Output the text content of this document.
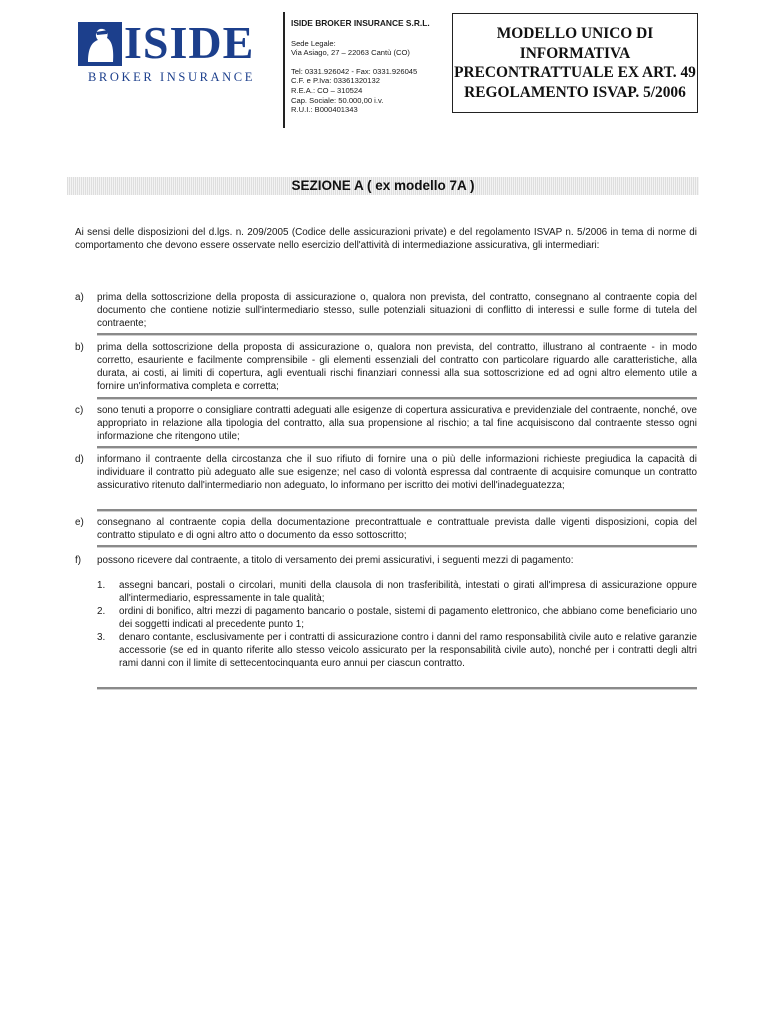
ISIDE
BROKER INSURANCE
ISIDE BROKER INSURANCE S.R.L.
Sede Legale:
Via Asiago, 27 – 22063 Cantù (CO)
Tel: 0331.926042 - Fax: 0331.926045
C.F. e P.Iva: 03361320132
R.E.A.: CO – 310524
Cap. Sociale: 50.000,00 i.v.
R.U.I.: B000401343
MODELLO UNICO DI
INFORMATIVA
PRECONTRATTUALE EX ART. 49
REGOLAMENTO ISVAP. 5/2006
SEZIONE A ( ex modello 7A )
Ai sensi delle disposizioni del d.lgs. n. 209/2005 (Codice delle assicurazioni private) e del regolamento ISVAP n. 5/2006 in tema di norme di comportamento che devono essere osservate nello esercizio dell'attività di intermediazione assicurativa, gli intermediari:
a)	prima della sottoscrizione della proposta di assicurazione o, qualora non prevista, del contratto, consegnano al contraente copia del documento che contiene notizie sull'intermediario stesso, sulle potenziali situazioni di conflitto di interessi e sulle forme di tutela del contraente;
b)	prima della sottoscrizione della proposta di assicurazione o, qualora non prevista, del contratto, illustrano al contraente - in modo corretto, esauriente e facilmente comprensibile - gli elementi essenziali del contratto con particolare riguardo alle caratteristiche, alla durata, ai costi, ai limiti di copertura, agli eventuali rischi finanziari connessi alla sua sottoscrizione ed ad ogni altro elemento utile a fornire un'informativa completa e corretta;
c)	sono tenuti a proporre o consigliare contratti adeguati alle esigenze di copertura assicurativa e previdenziale del contraente, nonché, ove appropriato in relazione alla tipologia del contratto, alla sua propensione al rischio; a tal fine acquisiscono dal contraente stesso ogni informazione che ritengono utile;
d)	informano il contraente della circostanza che il suo rifiuto di fornire una o più delle informazioni richieste pregiudica la capacità di individuare il contratto più adeguato alle sue esigenze; nel caso di volontà espressa dal contraente di acquisire comunque un contratto assicurativo ritenuto dall'intermediario non adeguato, lo informano per iscritto dei motivi dell'inadeguatezza;
e)	consegnano al contraente copia della documentazione precontrattuale e contrattuale prevista dalle vigenti disposizioni, copia del contratto stipulato e di ogni altro atto o documento da esso sottoscritto;
f)	possono ricevere dal contraente, a titolo di versamento dei premi assicurativi, i seguenti mezzi di pagamento:
1. assegni bancari, postali o circolari, muniti della clausola di non trasferibilità, intestati o girati all'impresa di assicurazione oppure all'intermediario, espressamente in tale qualità;
2. ordini di bonifico, altri mezzi di pagamento bancario o postale, sistemi di pagamento elettronico, che abbiano come beneficiario uno dei soggetti indicati al precedente punto 1;
3. denaro contante, esclusivamente per i contratti di assicurazione contro i danni del ramo responsabilità civile auto e relative garanzie accessorie (se ed in quanto riferite allo stesso veicolo assicurato per la responsabilità civile auto), nonché per i contratti degli altri rami danni con il limite di settecentocinquanta euro annui per ciascun contratto.
